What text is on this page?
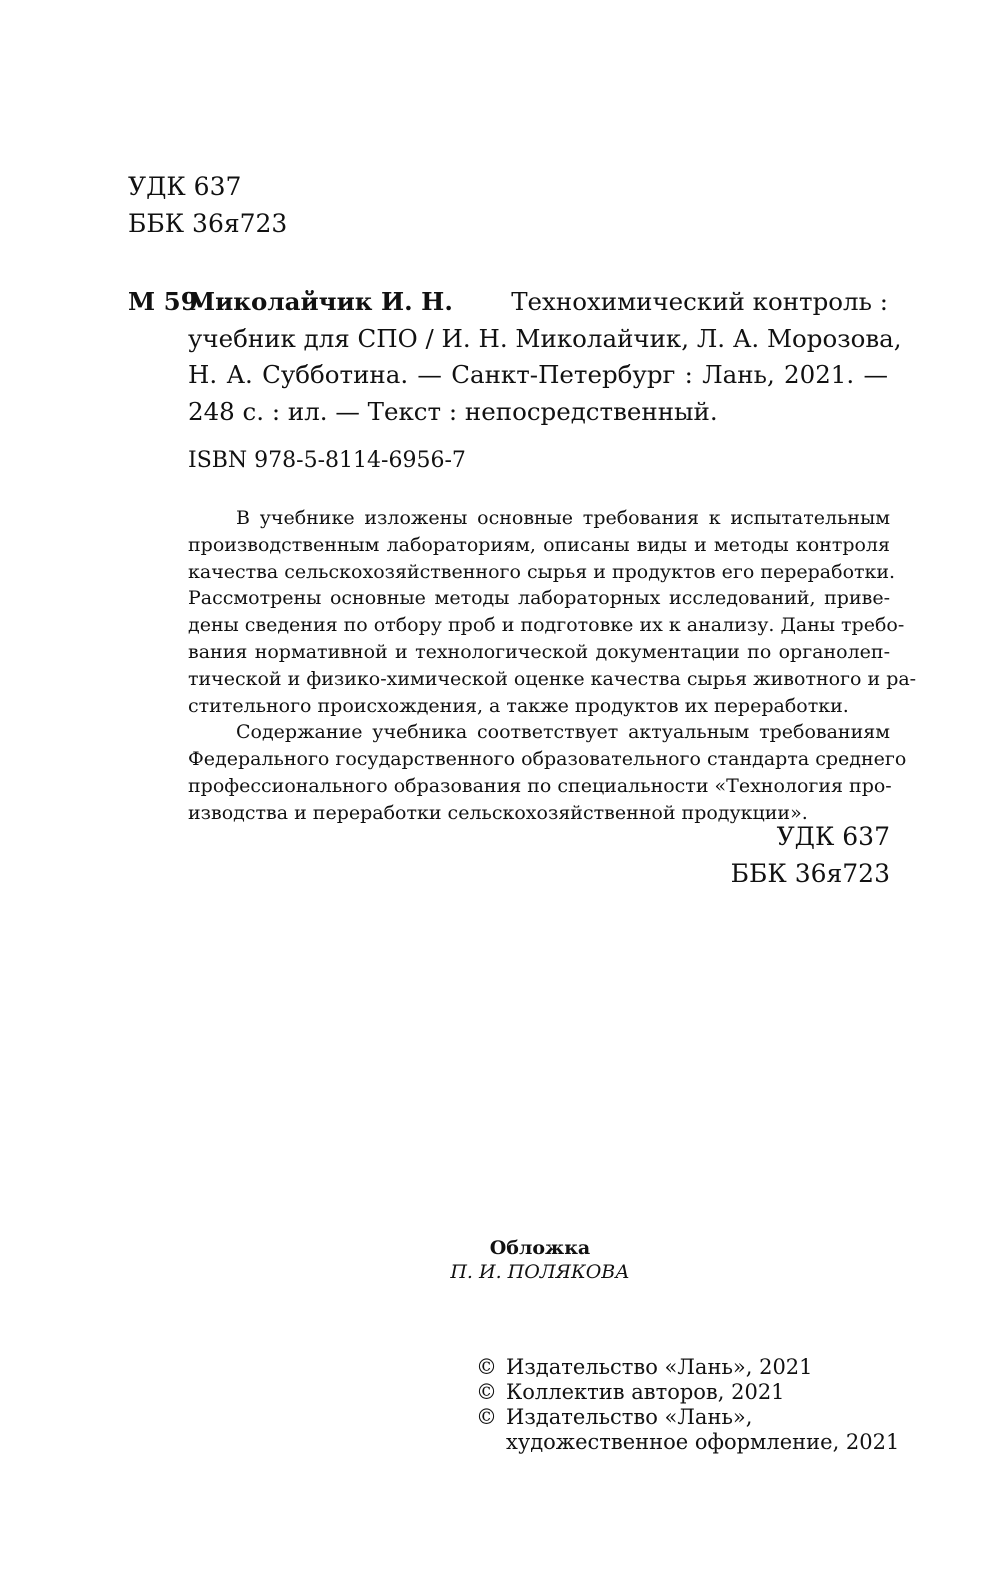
УДК 637
ББК 36я723
М 59
Миколайчик И. Н. Технохимический контроль :
учебник для СПО / И. Н. Миколайчик, Л. А. Морозова,
Н. А. Субботина. — Санкт-Петербург : Лань, 2021. —
248 с. : ил. — Текст : непосредственный.
ISBN 978-5-8114-6956-7
В учебнике изложены основные требования к испытательным
производственным лабораториям, описаны виды и методы контроля
качества сельскохозяйственного сырья и продуктов его переработки.
Рассмотрены основные методы лабораторных исследований, приве-
дены сведения по отбору проб и подготовке их к анализу. Даны требо-
вания нормативной и технологической документации по органолеп-
тической и физико-химической оценке качества сырья животного и ра-
стительного происхождения, а также продуктов их переработки.
Содержание учебника соответствует актуальным требованиям
Федерального государственного образовательного стандарта среднего
профессионального образования по специальности «Технология про-
изводства и переработки сельскохозяйственной продукции».
УДК 637
ББК 36я723
Обложка
П. И. ПОЛЯКОВА
© Издательство «Лань», 2021
© Коллектив авторов, 2021
© Издательство «Лань»,
художественное оформление, 2021
